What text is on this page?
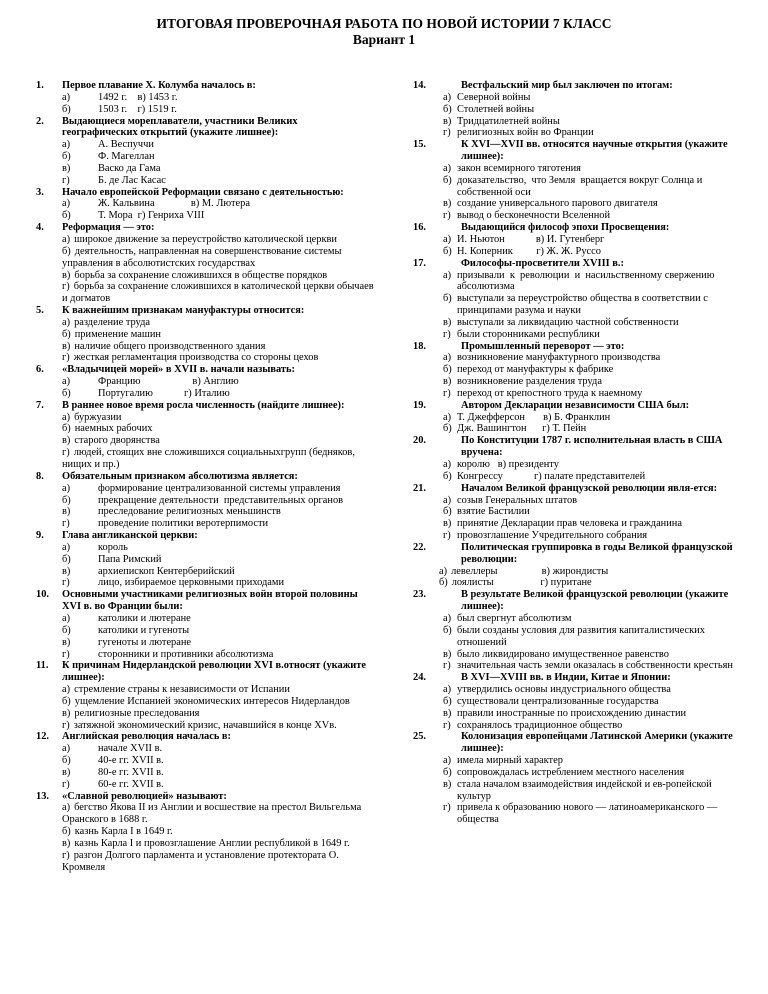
ИТОГОВАЯ ПРОВЕРОЧНАЯ РАБОТА ПО НОВОЙ ИСТОРИИ 7 КЛАСС
Вариант 1
1.	Первое плавание Х. Колумба началось в:
а)	1492 г.    в) 1453 г.
б)	1503 г.    г) 1519 г.
2.	Выдающиеся мореплаватели, участники Великих географических открытий (укажите лишнее):
а)	А. Веспуччи
б)	Ф. Магеллан
в)	Васко да Гама
г)	Б. де Лас Касас
3.	Начало европейской Реформации связано с деятельностью:
а)	Ж. Кальвина              в) М. Лютера
б)	Т. Мора  г) Генриха VIII
4.	Реформация — это:
а) широкое движение за переустройство католической церкви
б) деятельность, направленная на совершенствование системы управления в абсолютистских государствах
в) борьба за сохранение сложившихся в обществе порядков
г) борьба за сохранение сложившихся в католической церкви обычаев и догматов
5.	К важнейшим признакам мануфактуры относится:
а) разделение труда
б) применение машин
в) наличие общего производственного здания
г) жесткая регламентация производства со стороны цехов
6.	«Владычицей морей» в XVII в. начали называть:
а)	Францию                    в) Англию
б)	Португалию            г) Италию
7.	В раннее новое время росла численность (найдите лишнее):
а) буржуазии
б) наемных рабочих
в) старого дворянства
г) людей, стоящих вне сложившихся социальныхгрупп (бедняков, нищих и пр.)
8.	Обязательным признаком абсолютизма является:
а)	формирование централизованной системы управления
б)	прекращение деятельности  представительных органов
в)	преследование религиозных меньшинств
г)	проведение политики веротерпимости
9.	Глава англиканской церкви:
а)	король
б)	Папа Римский
в)	архиепископ Кентерберийский
г)	лицо, избираемое церковными приходами
10.	Основными участниками религиозных войн второй половины XVI в. во Франции были:
а)	католики и лютеране
б)	католики и гугеноты
в)	гугеноты и лютеране
г)	сторонники и противники абсолютизма
11.	К причинам Нидерландской революции XVI в.относят (укажите лишнее):
а) стремление страны к независимости от Испании
б) ущемление Испанией экономических интересов Нидерландов
в) религиозные преследования
г) затяжной экономический кризис, начавшийся в конце XVв.
12.	Английская революция началась в:
а)	начале XVII в.
б)	40-е гг. XVII в.
в)	80-е гг. XVII в.
г)	60-е гг. XVII в.
13.	«Славной революцией» называют:
а) бегство Якова II из Англии и восшествие на престол Вильгельма Оранского в 1688 г.
б) казнь Карла I в 1649 г.
в) казнь Карла I и провозглашение Англии республикой в 1649 г.
г) разгон Долгого парламента и установление протектората О. Кромвеля
14.	Вестфальский мир был заключен по итогам:
а) Северной войны
б) Столетней войны
в) Тридцатилетней войны
г) религиозных войн во Франции
15.	К XVI—XVII вв. относятся научные открытия (укажите лишнее):
а) закон всемирного тяготения
б) доказательство,  что Земля  вращается вокруг Солнца и собственной оси
в) создание универсального парового двигателя
г) вывод о бесконечности Вселенной
16.	Выдающийся философ эпохи Просвещения:
а) И. Ньютон            в) И. Гутенберг
б) Н. Коперник         г) Ж. Ж. Руссо
17.	Философы-просветители XVIII в.:
а) призывали  к  революции  и  насильственному свержению абсолютизма
б) выступали за переустройство общества в соответствии с принципами разума и науки
в) выступали за ликвидацию частной собственности
г) были сторонниками республики
18.	Промышленный переворот — это:
а) возникновение мануфактурного производства
б) переход от мануфактуры к фабрике
в) возникновение разделения труда
г) переход от крепостного труда к наемному
19.	Автором Декларации независимости США был:
а) Т. Джефферсон       в) Б. Франклин
б) Дж. Вашингтон      г) Т. Пейн
20.	По Конституции 1787 г. исполнительная власть в США вручена:
а) королю   в) президенту
б) Конгрессу            г) палате представителей
21.	Началом Великой французской революции явля-ется:
а) созыв Генеральных штатов
б) взятие Бастилии
в) принятие Декларации прав человека и гражданина
г) провозглашение Учредительного собрания
22.	Политическая группировка в годы Великой французской революции:
а) левеллеры                 в) жирондисты
б) лоялисты                  г) пуритане
23.	В результате Великой французской революции (укажите лишнее):
а) был свергнут абсолютизм
б) были созданы условия для развития капиталистических отношений
в) было ликвидировано имущественное равенство
г) значительная часть земли оказалась в собственности крестьян
24.	В XVI—XVIII вв. в Индии, Китае и Японии:
а) утвердились основы индустриального общества
б) существовали централизованные государства
в) правили иностранные по происхождению династии
г) сохранялось традиционное общество
25.	Колонизация европейцами Латинской Америки (укажите лишнее):
а) имела мирный характер
б) сопровождалась истреблением местного населения
в) стала началом взаимодействия индейской и ев-ропейской культур
г) привела к образованию нового — латиноамериканского — общества
